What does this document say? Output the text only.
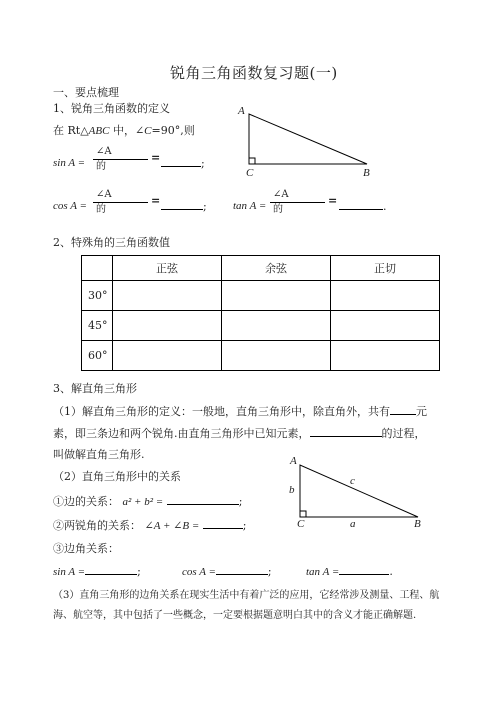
锐角三角函数复习题(一)
一、要点梳理
1、锐角三角函数的定义
在 Rt△ABC 中，∠C=90°,则
sin A =
∠A的
=	;
cos A =
∠A的
=	; tan A =
∠A的
=	.
A
C	B
2、特殊角的三角函数值
	正弦	余弦	正切
30°			
45°			
60°			
3、解直角三角形
（1）解直角三角形的定义：一般地，直角三角形中，除直角外，共有 元
素，即三条边和两个锐角.由直角三角形中已知元素，	的过程，
叫做解直角三角形.
（2）直角三角形中的关系
①边的关系： a² + b² =	;
②两锐角的关系： ∠A + ∠B =	;
③边角关系：
sin A =	;	cos A =	;	tan A =	.
（3）直角三角形的边角关系在现实生活中有着广泛的应用，它经常涉及测量、工程、航
海、航空等，其中包括了一些概念，一定要根据题意明白其中的含义才能正确解题.
A
C	B
b
a
c
